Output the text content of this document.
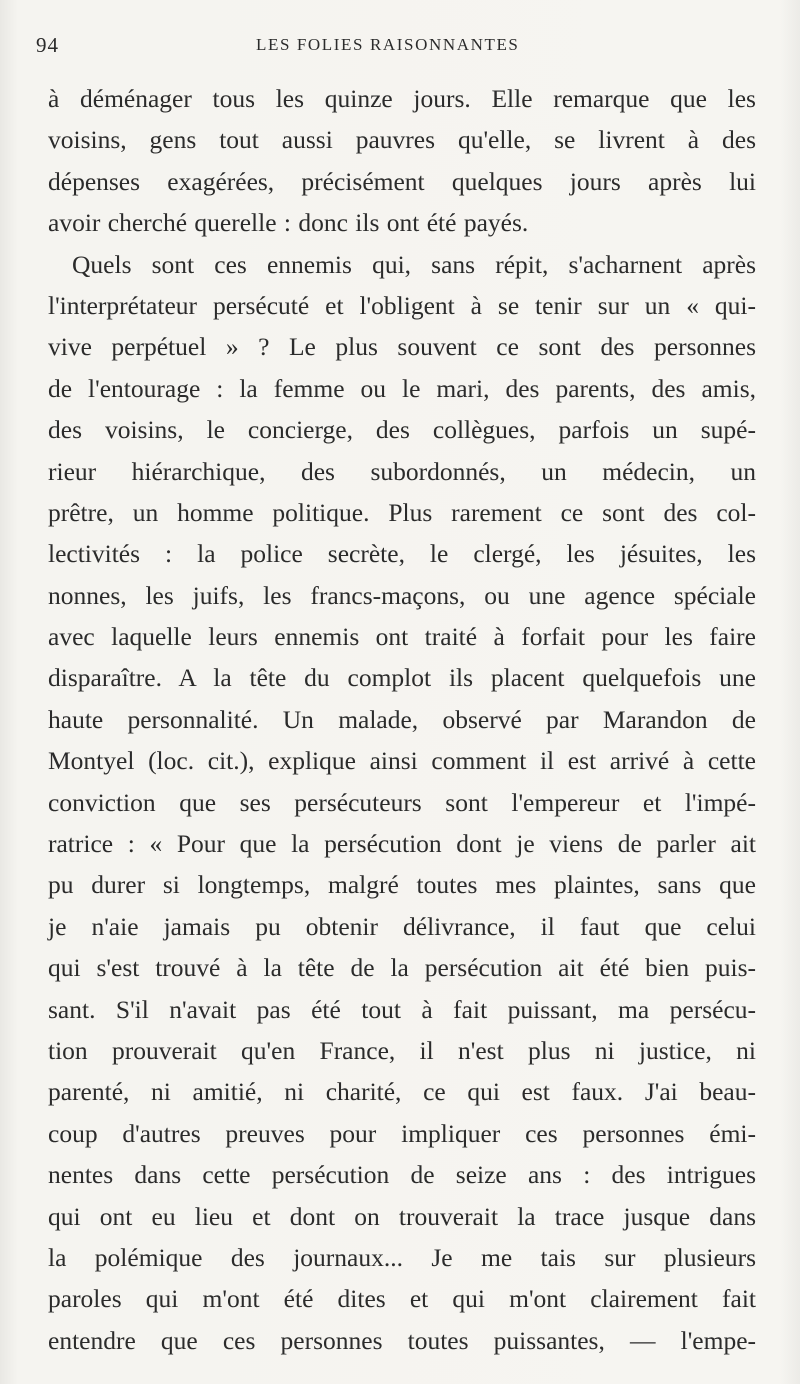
94	LES FOLIES RAISONNANTES
à déménager tous les quinze jours. Elle remarque que les
voisins, gens tout aussi pauvres qu'elle, se livrent à des
dépenses exagérées, précisément quelques jours après lui
avoir cherché querelle : donc ils ont été payés.
Quels sont ces ennemis qui, sans répit, s'acharnent après
l'interprétateur persécuté et l'obligent à se tenir sur un « qui-
vive perpétuel » ? Le plus souvent ce sont des personnes
de l'entourage : la femme ou le mari, des parents, des amis,
des voisins, le concierge, des collègues, parfois un supé-
rieur hiérarchique, des subordonnés, un médecin, un
prêtre, un homme politique. Plus rarement ce sont des col-
lectivités : la police secrète, le clergé, les jésuites, les
nonnes, les juifs, les francs-maçons, ou une agence spéciale
avec laquelle leurs ennemis ont traité à forfait pour les faire
disparaître. A la tête du complot ils placent quelquefois une
haute personnalité. Un malade, observé par Marandon de
Montyel (loc. cit.), explique ainsi comment il est arrivé à cette
conviction que ses persécuteurs sont l'empereur et l'impé-
ratrice : « Pour que la persécution dont je viens de parler ait
pu durer si longtemps, malgré toutes mes plaintes, sans que
je n'aie jamais pu obtenir délivrance, il faut que celui
qui s'est trouvé à la tête de la persécution ait été bien puis-
sant. S'il n'avait pas été tout à fait puissant, ma persécu-
tion prouverait qu'en France, il n'est plus ni justice, ni
parenté, ni amitié, ni charité, ce qui est faux. J'ai beau-
coup d'autres preuves pour impliquer ces personnes émi-
nentes dans cette persécution de seize ans : des intrigues
qui ont eu lieu et dont on trouverait la trace jusque dans
la polémique des journaux... Je me tais sur plusieurs
paroles qui m'ont été dites et qui m'ont clairement fait
entendre que ces personnes toutes puissantes, — l'empe-
